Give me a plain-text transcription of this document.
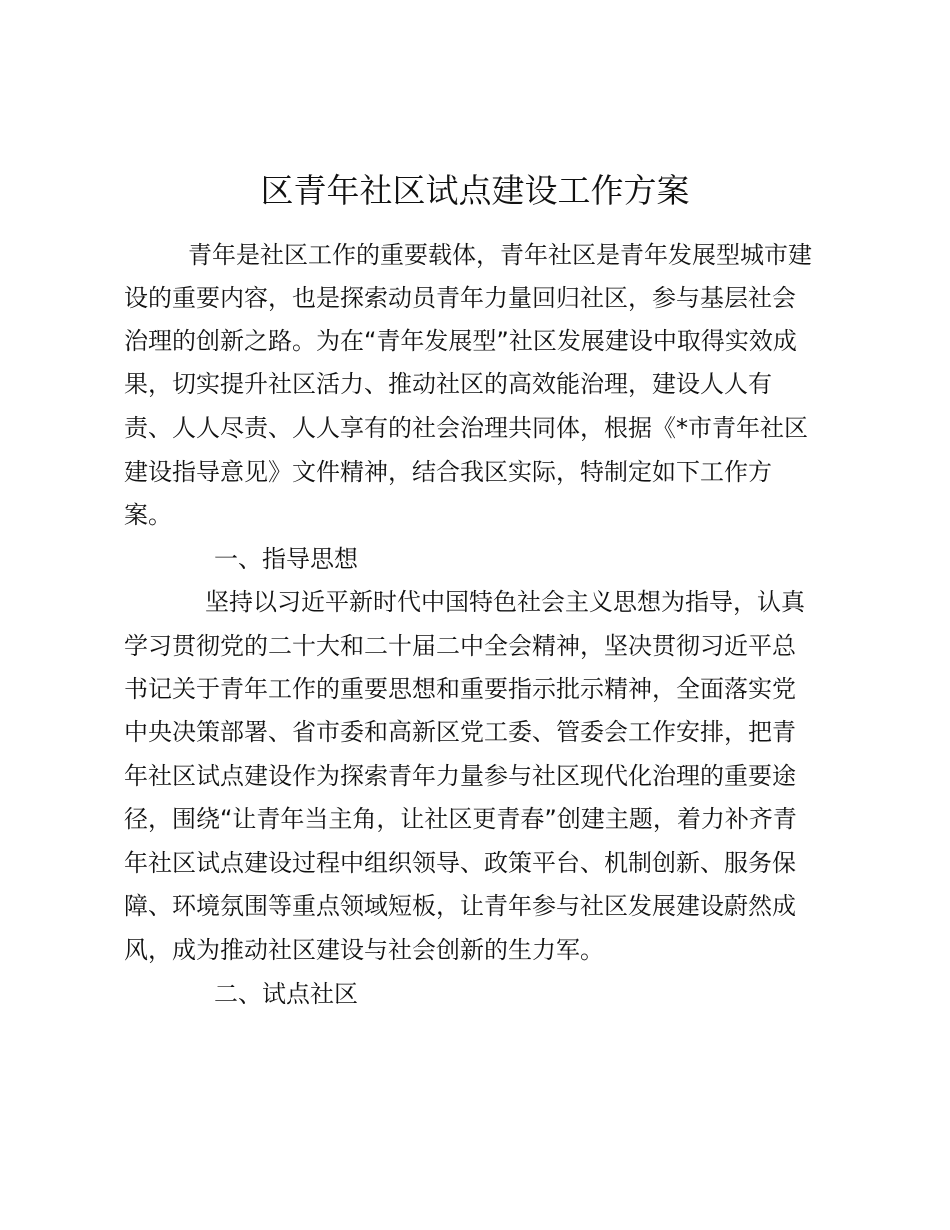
区青年社区试点建设工作方案

青年是社区工作的重要载体，青年社区是青年发展型城市建

设的重要内容，也是探索动员青年力量回归社区，参与基层社会

治理的创新之路。为在“青年发展型”社区发展建设中取得实效成

果，切实提升社区活力、推动社区的高效能治理，建设人人有

责、人人尽责、人人享有的社会治理共同体，根据《*市青年社区

建设指导意见》文件精神，结合我区实际，特制定如下工作方

案。

一、指导思想

坚持以习近平新时代中国特色社会主义思想为指导，认真

学习贯彻党的二十大和二十届二中全会精神，坚决贯彻习近平总

书记关于青年工作的重要思想和重要指示批示精神，全面落实党

中央决策部署、省市委和高新区党工委、管委会工作安排，把青

年社区试点建设作为探索青年力量参与社区现代化治理的重要途

径，围绕“让青年当主角，让社区更青春”创建主题，着力补齐青

年社区试点建设过程中组织领导、政策平台、机制创新、服务保

障、环境氛围等重点领域短板，让青年参与社区发展建设蔚然成

风，成为推动社区建设与社会创新的生力军。

二、试点社区
